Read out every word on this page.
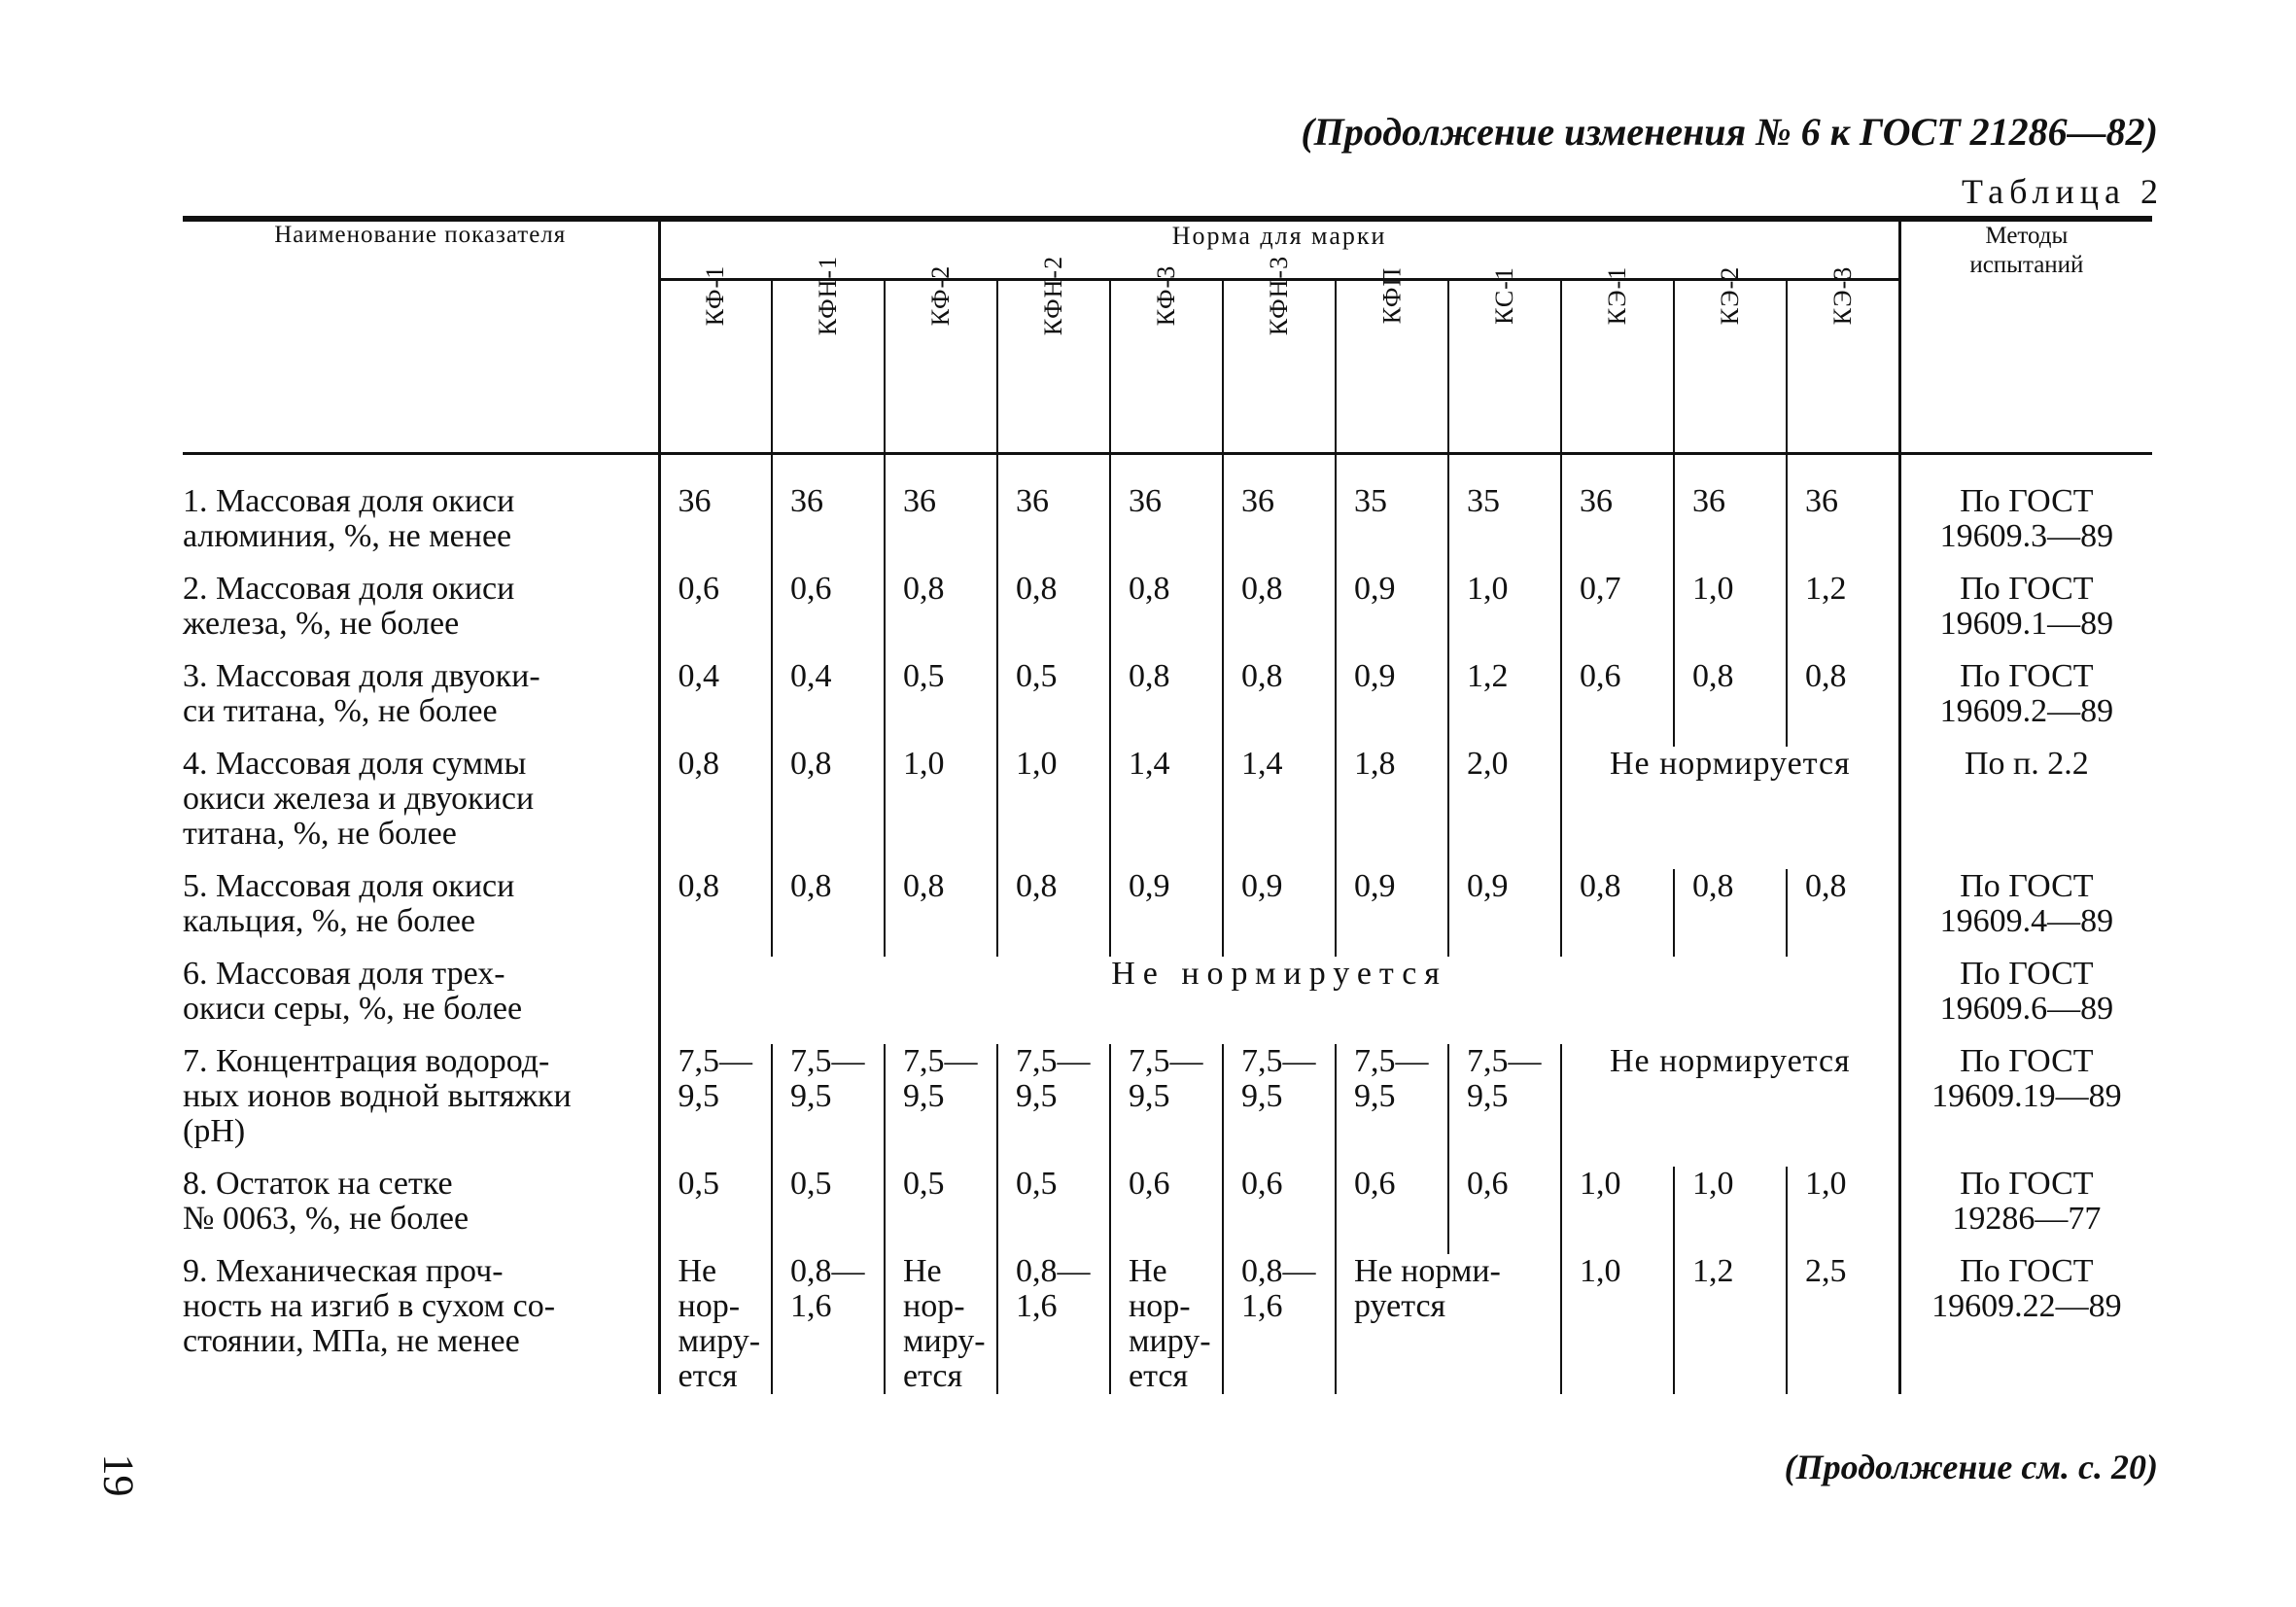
(Продолжение изменения № 6 к ГОСТ 21286—82)
Таблица 2
Наименование показателя	Норма для марки											Методы
испытаний
	КФ-1	КФН-1	КФ-2	КФН-2	КФ-3	КФН-3	КФП	КС-1	КЭ-1	КЭ-2	КЭ-3	

1. Массовая доля окиси
алюминия, %, не менее	36	36	36	36	36	36	35	35	36	36	36	По ГОСТ
19609.3—89

2. Массовая доля окиси
железа, %, не более	0,6	0,6	0,8	0,8	0,8	0,8	0,9	1,0	0,7	1,0	1,2	По ГОСТ
19609.1—89

3. Массовая доля двуоки-
си титана, %, не более	0,4	0,4	0,5	0,5	0,8	0,8	0,9	1,2	0,6	0,8	0,8	По ГОСТ
19609.2—89

4. Массовая доля суммы
окиси железа и двуокиси
титана, %, не более	0,8	0,8	1,0	1,0	1,4	1,4	1,8	2,0	Не нормируется			По п. 2.2

5. Массовая доля окиси
кальция, %, не более	0,8	0,8	0,8	0,8	0,9	0,9	0,9	0,9	0,8	0,8	0,8	По ГОСТ
19609.4—89

6. Массовая доля трех-
окиси серы, %, не более	Не нормируется											По ГОСТ
19609.6—89

7. Концентрация водород-
ных ионов водной вытяжки
(pH)	7,5— 9,5	7,5— 9,5	7,5— 9,5	7,5— 9,5	7,5— 9,5	7,5— 9,5	7,5— 9,5	7,5— 9,5	Не нормируется			По ГОСТ
19609.19—89

8. Остаток на сетке
№ 0063, %, не более	0,5	0,5	0,5	0,5	0,6	0,6	0,6	0,6	1,0	1,0	1,0	По ГОСТ
19286—77

9. Механическая проч-
ность на изгиб в сухом со-
стоянии, МПа, не менее	Не нор- миру- ется	0,8— 1,6	Не нор- миру- ется	0,8— 1,6	Не нор- миру- ется	0,8— 1,6	Не норми- руется		1,0	1,2	2,5	По ГОСТ
19609.22—89
(Продолжение см. с. 20)
19
